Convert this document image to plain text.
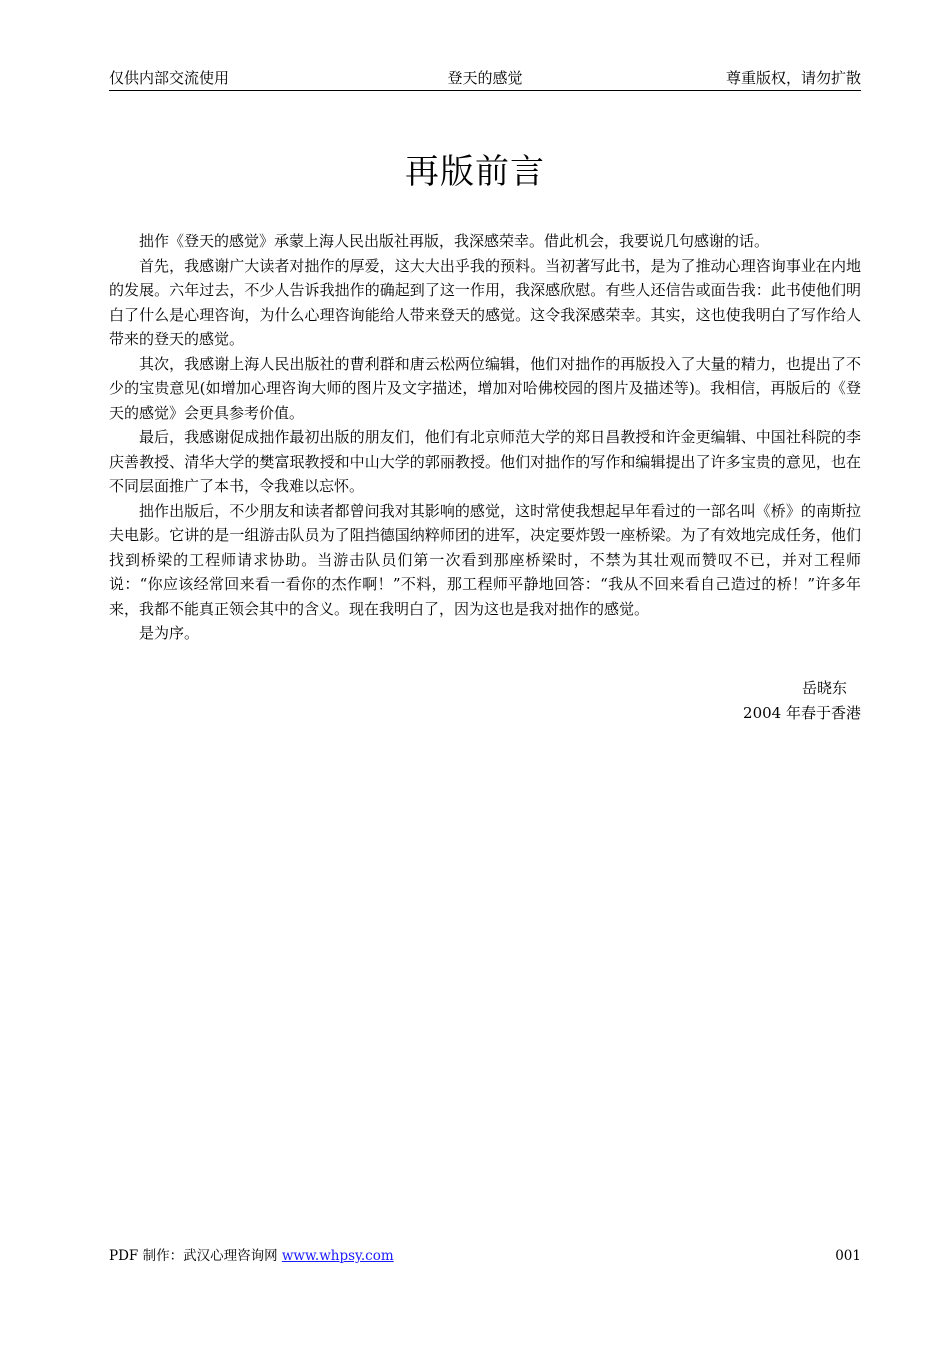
仅供内部交流使用	登天的感觉	尊重版权，请勿扩散
再版前言

拙作《登天的感觉》承蒙上海人民出版社再版，我深感荣幸。借此机会，我要说几句感谢的话。

首先，我感谢广大读者对拙作的厚爱，这大大出乎我的预料。当初著写此书，是为了推动心理咨询事业在内地的发展。六年过去，不少人告诉我拙作的确起到了这一作用，我深感欣慰。有些人还信告或面告我：此书使他们明白了什么是心理咨询，为什么心理咨询能给人带来登天的感觉。这令我深感荣幸。其实，这也使我明白了写作给人带来的登天的感觉。

其次，我感谢上海人民出版社的曹利群和唐云松两位编辑，他们对拙作的再版投入了大量的精力，也提出了不少的宝贵意见(如增加心理咨询大师的图片及文字描述，增加对哈佛校园的图片及描述等)。我相信，再版后的《登天的感觉》会更具参考价值。

最后，我感谢促成拙作最初出版的朋友们，他们有北京师范大学的郑日昌教授和许金更编辑、中国社科院的李庆善教授、清华大学的樊富珉教授和中山大学的郭丽教授。他们对拙作的写作和编辑提出了许多宝贵的意见，也在不同层面推广了本书，令我难以忘怀。

拙作出版后，不少朋友和读者都曾问我对其影响的感觉，这时常使我想起早年看过的一部名叫《桥》的南斯拉夫电影。它讲的是一组游击队员为了阻挡德国纳粹师团的进军，决定要炸毁一座桥梁。为了有效地完成任务，他们找到桥梁的工程师请求协助。当游击队员们第一次看到那座桥梁时，不禁为其壮观而赞叹不已，并对工程师说：“你应该经常回来看一看你的杰作啊！”不料，那工程师平静地回答：“我从不回来看自己造过的桥！”许多年来，我都不能真正领会其中的含义。现在我明白了，因为这也是我对拙作的感觉。

是为序。

岳晓东
2004 年春于香港
PDF 制作：武汉心理咨询网 www.whpsy.com	001
